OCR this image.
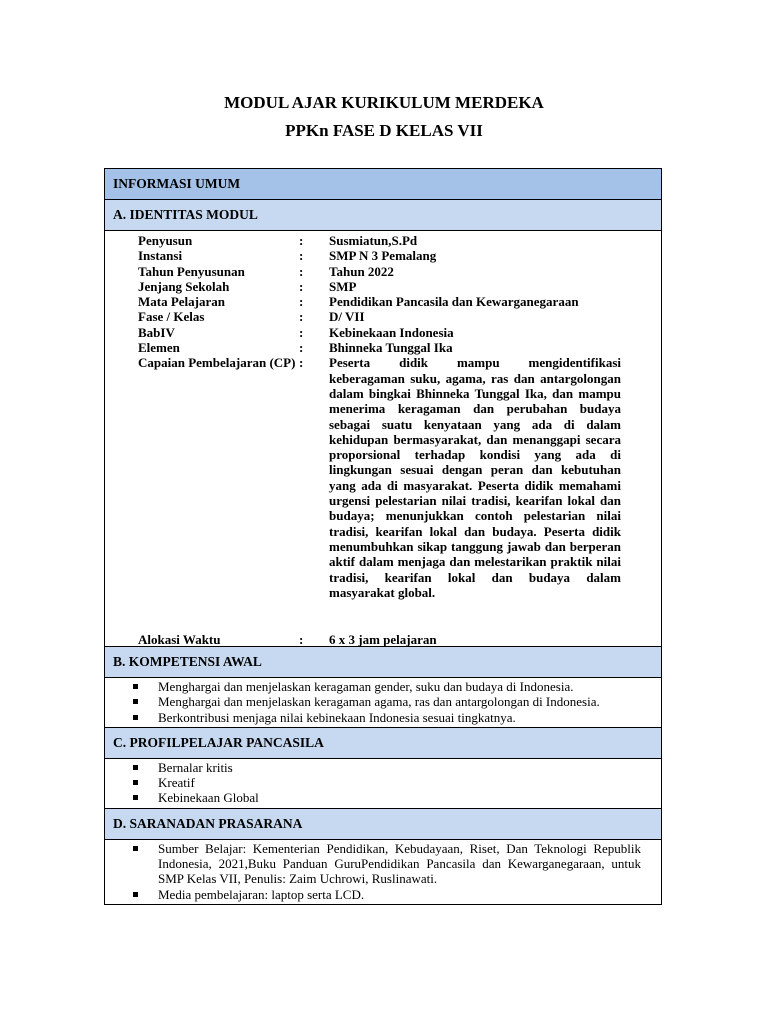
MODUL AJAR KURIKULUM MERDEKA
PPKn FASE D KELAS VII
INFORMASI UMUM
A. IDENTITAS MODUL
Penyusun	:	Susmiatun,S.Pd
Instansi	:	SMP N 3 Pemalang
Tahun Penyusunan	:	Tahun 2022
Jenjang Sekolah	:	SMP
Mata Pelajaran	:	Pendidikan Pancasila dan Kewarganegaraan
Fase / Kelas	:	D/ VII
BabIV	:	Kebinekaan Indonesia
Elemen	:	Bhinneka Tunggal Ika
Capaian Pembelajaran (CP) :	Peserta didik mampu mengidentifikasi keberagaman suku, agama, ras dan antargolongan dalam bingkai Bhinneka Tunggal Ika, dan mampu menerima keragaman dan perubahan budaya sebagai suatu kenyataan yang ada di dalam kehidupan bermasyarakat, dan menanggapi secara proporsional terhadap kondisi yang ada di lingkungan sesuai dengan peran dan kebutuhan yang ada di masyarakat. Peserta didik memahami urgensi pelestarian nilai tradisi, kearifan lokal dan budaya; menunjukkan contoh pelestarian nilai tradisi, kearifan lokal dan budaya. Peserta didik menumbuhkan sikap tanggung jawab dan berperan aktif dalam menjaga dan melestarikan praktik nilai tradisi, kearifan lokal dan budaya dalam masyarakat global.
Alokasi Waktu	:	6 x 3 jam pelajaran
B. KOMPETENSI AWAL
Menghargai dan menjelaskan keragaman gender, suku dan budaya di Indonesia.
Menghargai dan menjelaskan keragaman agama, ras dan antargolongan di Indonesia.
Berkontribusi menjaga nilai kebinekaan Indonesia sesuai tingkatnya.
C. PROFILPELAJAR PANCASILA
Bernalar kritis
Kreatif
Kebinekaan Global
D. SARANADAN PRASARANA
Sumber Belajar: Kementerian Pendidikan, Kebudayaan, Riset, Dan Teknologi Republik Indonesia, 2021,Buku Panduan GuruPendidikan Pancasila dan Kewarganegaraan, untuk SMP Kelas VII, Penulis: Zaim Uchrowi, Ruslinawati.
Media pembelajaran: laptop serta LCD.
